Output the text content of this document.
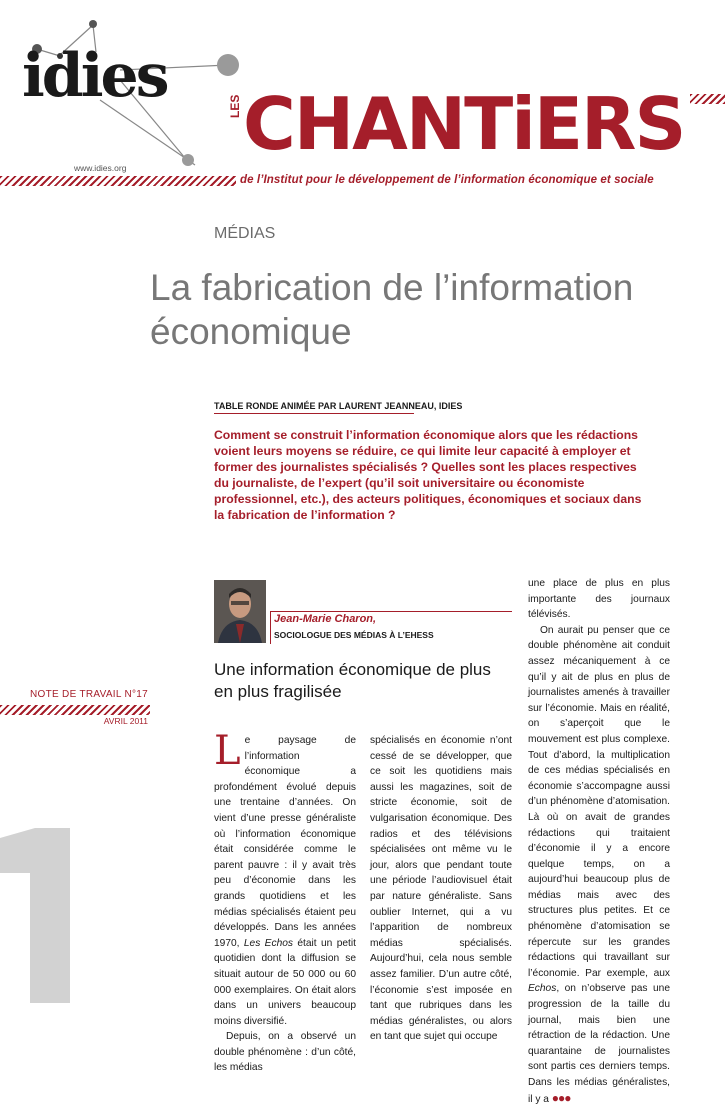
idies
www.idies.org
LES CHANTiERS
de l’Institut pour le développement de l’information économique et sociale
MÉDIAS
La fabrication de l’information économique
TABLE RONDE ANIMÉE PAR LAURENT JEANNEAU, IDIES
Comment se construit l’information économique alors que les rédactions voient leurs moyens se réduire, ce qui limite leur capacité à employer et former des journalistes spécialisés ? Quelles sont les places respectives du journaliste, de l’expert (qu’il soit universitaire ou économiste professionnel, etc.), des acteurs politiques, économiques et sociaux dans la fabrication de l’information ?
Jean-Marie Charon,
SOCIOLOGUE DES MÉDIAS À L’EHESS
Une information économique de plus en plus fragilisée
NOTE DE TRAVAIL N°17
AVRIL 2011

Le paysage de l’information économique a profondément évolué depuis une trentaine d’années. On vient d’une presse généraliste où l’information économique était considérée comme le parent pauvre : il y avait très peu d’économie dans les grands quotidiens et les médias spécialisés étaient peu développés. Dans les années 1970, Les Echos était un petit quotidien dont la diffusion se situait autour de 50 000 ou 60 000 exemplaires. On était alors dans un univers beaucoup moins diversifié.

Depuis, on a observé un double phénomène : d’un côté, les médias

spécialisés en économie n’ont cessé de se développer, que ce soit les quotidiens mais aussi les magazines, soit de stricte économie, soit de vulgarisation économique. Des radios et des télévisions spécialisées ont même vu le jour, alors que pendant toute une période l’audiovisuel était par nature généraliste. Sans oublier Internet, qui a vu l’apparition de nombreux médias spécialisés. Aujourd’hui, cela nous semble assez familier. D’un autre côté, l’économie s’est imposée en tant que rubriques dans les médias généralistes, ou alors en tant que sujet qui occupe

une place de plus en plus importante des journaux télévisés.

On aurait pu penser que ce double phénomène ait conduit assez mécaniquement à ce qu’il y ait de plus en plus de journalistes amenés à travailler sur l’économie. Mais en réalité, on s’aperçoit que le mouvement est plus complexe. Tout d’abord, la multiplication de ces médias spécialisés en économie s’accompagne aussi d’un phénomène d’atomisation. Là où on avait de grandes rédactions qui traitaient d’économie il y a encore quelque temps, on a aujourd’hui beaucoup plus de médias mais avec des structures plus petites. Et ce phénomène d’atomisation se répercute sur les grandes rédactions qui travaillant sur l’économie. Par exemple, aux Echos, on n’observe pas une progression de la taille du journal, mais bien une rétraction de la rédaction. Une quarantaine de journalistes sont partis ces derniers temps. Dans les médias généralistes, il y a ●●●
